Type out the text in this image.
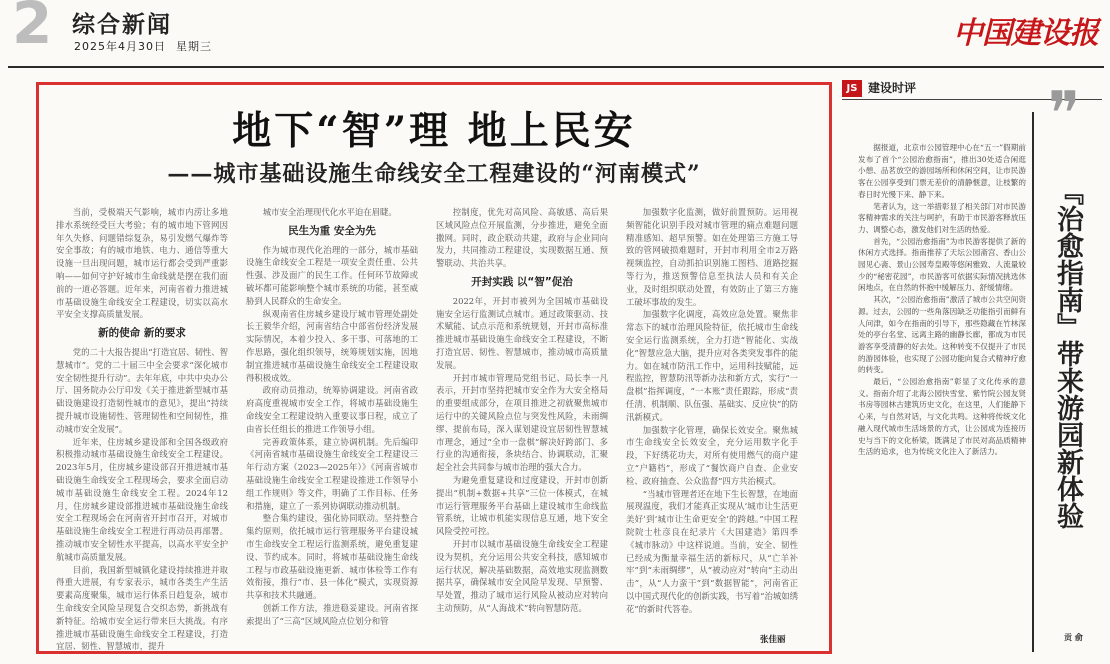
2 综合新闻
2025年4月30日 星期三	中国建设报
地下“智”理 地上民安
——城市基础设施生命线安全工程建设的“河南模式”

当前，受极端天气影响，城市内涝让多地排水系统经受巨大考验；有的城市地下管网因年久失修、问题错综复杂，易引发燃气爆炸等安全事故；有的城市地铁、电力、通信等重大设施一旦出现问题，城市运行都会受到严重影响——如何守护好城市生命线就是摆在我们面前的一道必答题。近年来，河南省着力推进城市基础设施生命线安全工程建设，切实以高水平安全支撑高质量发展。

新的使命 新的要求

党的二十大报告提出“打造宜居、韧性、智慧城市”。党的二十届三中全会要求“深化城市安全韧性提升行动”。去年年底，中共中央办公厅、国务院办公厅印发《关于推进新型城市基础设施建设打造韧性城市的意见》，提出“持续提升城市设施韧性、管理韧性和空间韧性，推动城市安全发展”。

近年来，住房城乡建设部和全国各级政府积极推动城市基础设施生命线安全工程建设。2023年5月，住房城乡建设部召开推进城市基础设施生命线安全工程现场会，要求全面启动城市基础设施生命线安全工程。2024年12月，住房城乡建设部推进城市基础设施生命线安全工程现场会在河南省开封市召开，对城市基础设施生命线安全工程进行再动员再部署。推动城市安全韧性水平提高，以高水平安全护航城市高质量发展。

目前，我国新型城镇化建设持续推进并取得重大进展，有专家表示，城市各类生产生活要素高度聚集，城市运行体系日趋复杂，城市生命线安全风险呈现复合交织态势，新挑战有新特征。给城市安全运行带来巨大挑战。有序推进城市基础设施生命线安全工程建设，打造宜居、韧性、智慧城市，提升

城市安全治理现代化水平迫在眉睫。

民生为重 安全为先

作为城市现代化治理的一部分，城市基础设施生命线安全工程是一项安全责任重、公共性强、涉及面广的民生工作。任何环节故障或破坏都可能影响整个城市系统的功能，甚至威胁到人民群众的生命安全。

纵观南省住房城乡建设厅城市管理处副处长王毅华介绍，河南省结合中部省份经济发展实际情况，本着少投入、多干事、可落地的工作思路，强化组织领导，统筹规划实施，因地制宜推进城市基础设施生命线安全工程建设取得积极成效。

政府动员推动，统筹协调建设。河南省政府高度重视城市安全工作，将城市基础设施生命线安全工程建设纳入重要议事日程，成立了由省长任组长的推进工作领导小组。

完善政策体系，建立协调机制。先后编印《河南省城市基础设施生命线安全工程建设三年行动方案（2023—2025年）》《河南省城市基础设施生命线安全工程建设推进工作领导小组工作规则》等文件，明确了工作目标、任务和措施，建立了一系列协调联动推动机制。

整合集约建设，强化协同联动。坚持整合集约原则，依托城市运行管理服务平台建设城市生命线安全工程运行监测系统，避免重复建设、节约成本。同时，将城市基础设施生命线工程与市政基础设施更新、城市体检等工作有效衔接，推行“市、县一体化”模式，实现资源共享和技术共融通。

创新工作方法，推进稳妥建设。河南省探索提出了“三高”区域风险点位划分和管

控制度，优先对高风险、高敏感、高后果区域风险点位开展监测，分步推进，避免全面撒网。同时，政企联动共建，政府与企业同向发力，共同推动工程建设，实现数据互通、预警联动、共治共享。

开封实践 以“智”促治

2022年，开封市被列为全国城市基础设施安全运行监测试点城市。通过政策驱动、技术赋能、试点示范和系统规划，开封市高标准推进城市基础设施生命线安全工程建设，不断打造宜居、韧性、智慧城市，推动城市高质量发展。

开封市城市管理局党组书记、局长李一凡表示，开封市坚持把城市安全作为大安全格局的重要组成部分，在项目推进之初就聚焦城市运行中的关键风险点位与突发性风险，未雨绸缪、提前布局，深入谋划建设宜居韧性智慧城市理念，通过“全市一盘棋”解决好跨部门、多行业的沟通衔接，条块结合、协调联动，汇聚起全社会共同参与城市治理的强大合力。

为避免重复建设和过度建设，开封市创新提出“机制+数据+共享”三位一体模式，在城市运行管理服务平台基础上建设城市生命线监管系统，让城市机能实现信息互通，地下安全风险受控可控。

开封市以城市基础设施生命线安全工程建设为契机，充分运用公共安全科技，感知城市运行状况，解决基础数据，高效地实现监测数据共享，确保城市安全风险早发现、早预警、早处置，推动了城市运行风险从被动应对转向主动预防，从“人海战术”转向智慧防范。

加强数字化监测，做好前置预防。运用视频智能化识别手段对城市管理的痛点难题问题精准感知、超早预警。如在处理第三方施工导致的管网破损难题时，开封市利用全市2万路视频监控，自动抓拍识别施工图档、道路挖掘等行为，推送预警信息至执法人员和有关企业，及时组织联动处置，有效防止了第三方施工破坏事故的发生。

加强数字化调度，高效应急处置。聚焦非常态下的城市治理风险特征，依托城市生命线安全运行监测系统，全力打造“智能化、实战化”智慧应急大脑，提升应对各类突发事件的能力。如在城市防汛工作中，运用科技赋能，远程监控，智慧防汛等新办法和新方式，实行“一盘棋”指挥调度，“一本账”责任跟踪，形成“责任清、机制顺、队伍强、基础实、反应快”的防汛新模式。

加强数字化管理，确保长效安全。聚焦城市生命线安全长效安全，充分运用数字化手段，下好绣花功夫，对所有使用燃气的商户建立“户籍档”，形成了“餐饮商户自查、企业安检、政府抽查、公众监督”四方共治模式。

“当城市管理者还在地下生长智慧，在地面展现温度，我们才能真正实现从‘城市让生活更美好’到‘城市让生命更安全’的跨越。”中国工程院院士杜彦良在纪录片《大国建造》第四季《城市脉动》中这样说道。当前，安全、韧性已经成为衡量幸福生活的新标尺，从“亡羊补牢”到“未雨绸缪”，从“被动应对”转向“主动出击”，从“人力蛮干”到“数据智能”，河南省正以中国式现代化的创新实践，书写着“治城如绣花”的新时代答卷。

张佳丽
JS 建设时评 ❞

据报道，北京市公园管理中心在“五一”假期前发布了首个“公园治愈指南”，推出30处适合闲逛小憩、品茗放空的游园场所和休闲空间，让市民游客在公园享受到门票无差价的清静惬意，让枝繁的春日时光慢下来、静下来。

笔者认为，这一举措彰显了相关部门对市民游客精神需求的关注与呵护，有助于市民游客释放压力、调整心态，激发他们对生活的热爱。

首先，“公园治愈指南”为市民游客提供了新的休闲方式选择。指南推荐了天坛公园斋宫、香山公园见心斋、景山公园寿皇殿等悠闲雅致、人流量较少的“秘密花园”，市民游客可依据实际情况挑选休闲地点，在自然的怀抱中缓解压力、舒缓情绪。

其次，“公园治愈指南”激活了城市公共空间资源。过去，公园的一些角落因缺乏功能指引而鲜有人问津，如今在指南的引导下，那些隐藏在竹林深处的亭台名堂、远离主路的幽静长廊，都成为市民游客享受清静的好去处。这种转变不仅提升了市民的游园体验，也实现了公园功能向复合式精神疗愈的转变。

最后，“公园治愈指南”彰显了文化传承的意义。指南介绍了北海公园快雪堂、紫竹院公园友贤书房等园林古建筑历史文化，在这里，人们能静下心来，与自然对话，与文化共鸣。这种将传统文化融入现代城市生活场景的方式，让公园成为连接历史与当下的文化桥梁，既满足了市民对高品质精神生活的追求，也为传统文化注入了新活力。	『治愈指南』带来游园新体验
贡 俞
